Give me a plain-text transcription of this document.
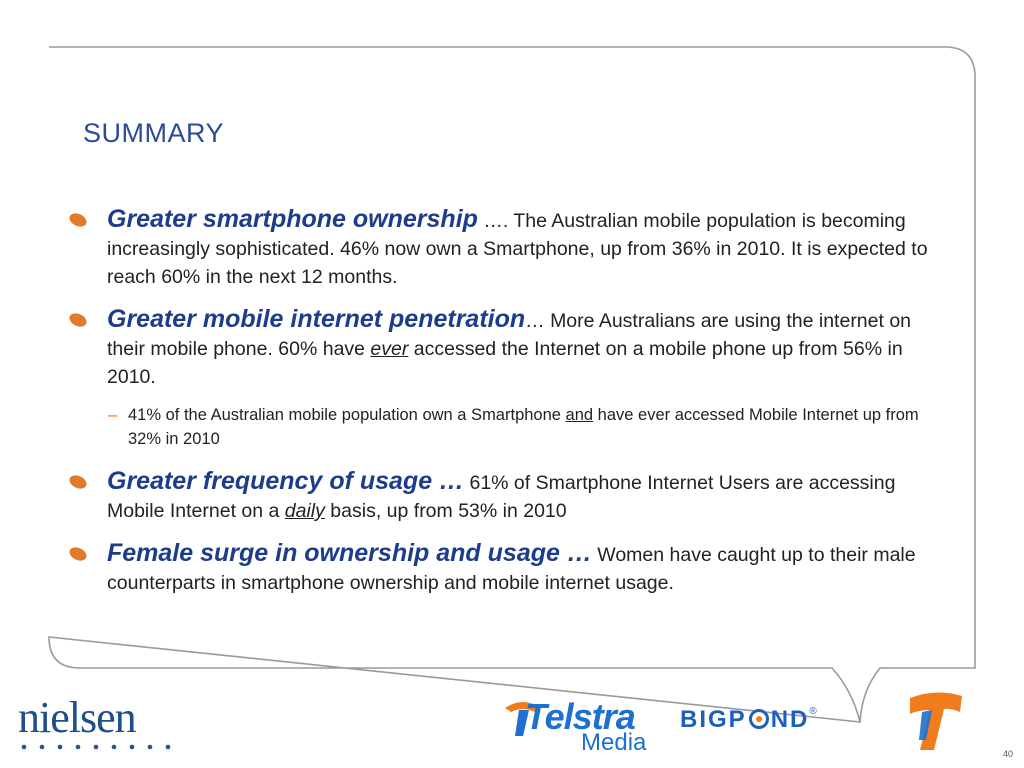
SUMMARY
Greater smartphone ownership …. The Australian mobile population is becoming increasingly sophisticated. 46% now own a Smartphone, up from 36% in 2010. It is expected to reach 60% in the next 12 months.
Greater mobile internet penetration… More Australians are using the internet on their mobile phone. 60% have ever accessed the Internet on a mobile phone up from 56% in 2010.
– 41% of the Australian mobile population own a Smartphone and have ever accessed Mobile Internet up from 32% in 2010
Greater frequency of usage … 61% of Smartphone Internet Users are accessing Mobile Internet on a daily basis, up from 53% in 2010
Female surge in ownership and usage … Women have caught up to their male counterparts in smartphone ownership and mobile internet usage.
nielsen	Telstra
Media
BIGP ND®
40
